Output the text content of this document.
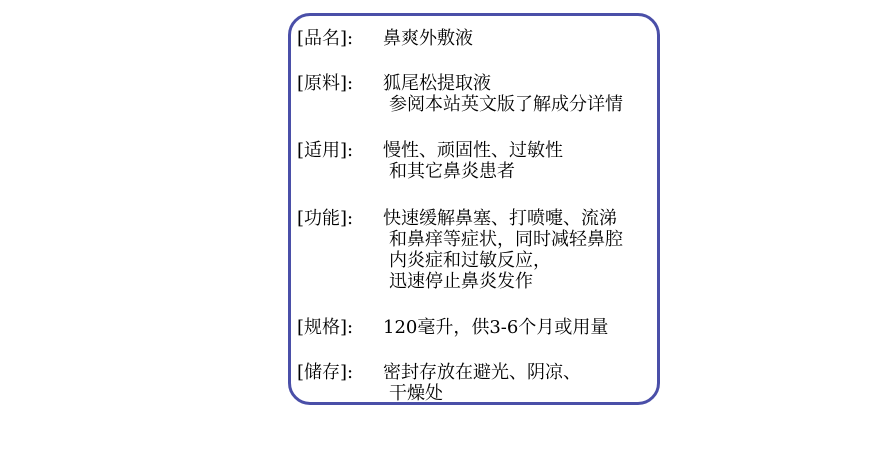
[品名]:	鼻爽外敷液
[原料]:	狐尾松提取液
参阅本站英文版了解成分详情
[适用]:	慢性、顽固性、过敏性
和其它鼻炎患者
[功能]:	快速缓解鼻塞、打喷嚏、流涕
和鼻痒等症状，同时减轻鼻腔
内炎症和过敏反应，
迅速停止鼻炎发作
[规格]:	120毫升，供3-6个月或用量
[储存]:	密封存放在避光、阴凉、
干燥处
